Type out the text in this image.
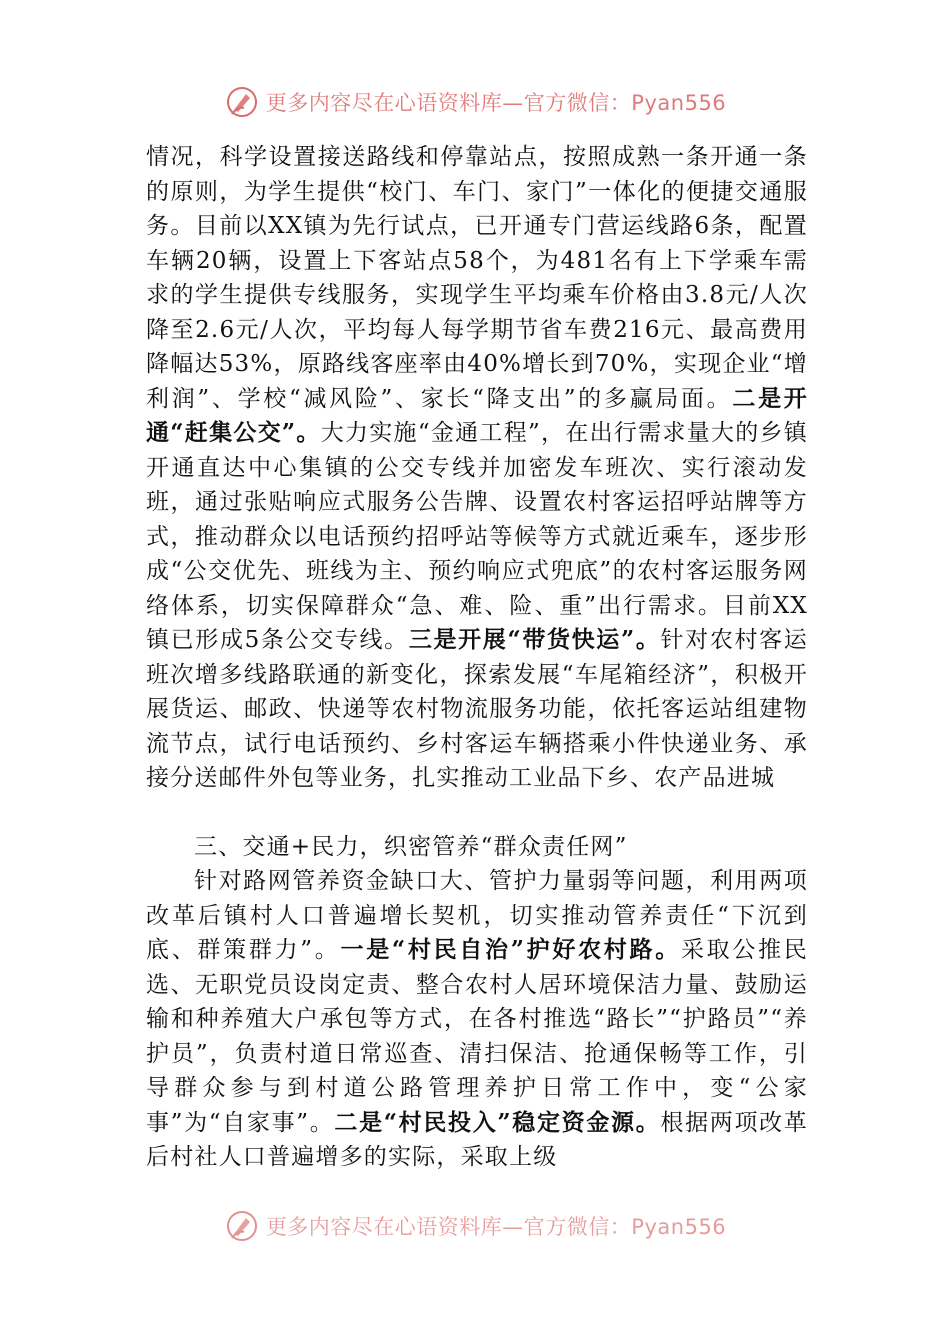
更多内容尽在心语资料库—官方微信：Pyan556

情况，科学设置接送路线和停靠站点，按照成熟一条开通一条的原则，为学生提供“校门、车门、家门”一体化的便捷交通服务。目前以XX镇为先行试点，已开通专门营运线路6条，配置车辆20辆，设置上下客站点58个，为481名有上下学乘车需求的学生提供专线服务，实现学生平均乘车价格由3.8元/人次降至2.6元/人次，平均每人每学期节省车费216元、最高费用降幅达53%，原路线客座率由40%增长到70%，实现企业“增利润”、学校“减风险”、家长“降支出”的多赢局面。二是开通“赶集公交”。大力实施“金通工程”，在出行需求量大的乡镇开通直达中心集镇的公交专线并加密发车班次、实行滚动发班，通过张贴响应式服务公告牌、设置农村客运招呼站牌等方式，推动群众以电话预约招呼站等候等方式就近乘车，逐步形成“公交优先、班线为主、预约响应式兜底”的农村客运服务网络体系，切实保障群众“急、难、险、重”出行需求。目前XX镇已形成5条公交专线。三是开展“带货快运”。针对农村客运班次增多线路联通的新变化，探索发展“车尾箱经济”，积极开展货运、邮政、快递等农村物流服务功能，依托客运站组建物流节点，试行电话预约、乡村客运车辆搭乘小件快递业务、承接分送邮件外包等业务，扎实推动工业品下乡、农产品进城

三、交通+民力，织密管养“群众责任网”

针对路网管养资金缺口大、管护力量弱等问题，利用两项改革后镇村人口普遍增长契机，切实推动管养责任“下沉到底、群策群力”。一是“村民自治”护好农村路。采取公推民选、无职党员设岗定责、整合农村人居环境保洁力量、鼓励运输和种养殖大户承包等方式，在各村推选“路长”“护路员”“养护员”，负责村道日常巡查、清扫保洁、抢通保畅等工作，引导群众参与到村道公路管理养护日常工作中，变“公家事”为“自家事”。二是“村民投入”稳定资金源。根据两项改革后村社人口普遍增多的实际，采取上级

更多内容尽在心语资料库—官方微信：Pyan556
